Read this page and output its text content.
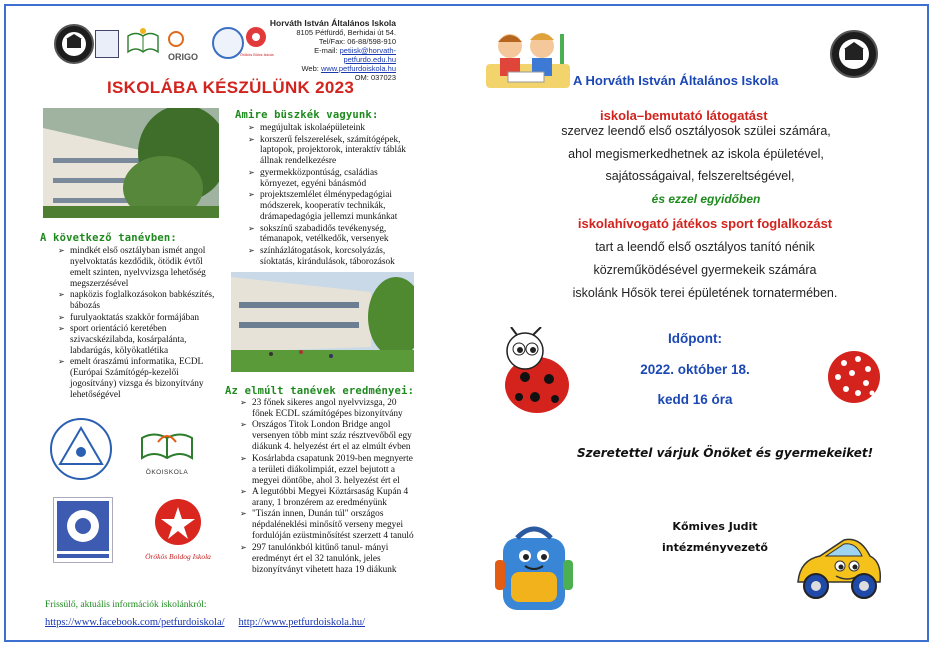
ORIGO	Örökös Bölcs Iskola
Horváth István Általános Iskola
8105 Pétfürdő, Berhidai út 54.
Tel/Fax: 06-88/598-910
E-mail: petiisk@horvath-petfurdo.edu.hu
Web: www.petfurdoiskola.hu
OM: 037023
ISKOLÁBA KÉSZÜLÜNK 2023
A következő tanévben:
➢ mindkét első osztályban ismét angol nyelvoktatás kezdődik, ötödik évtől emelt szinten, nyelvvizsga lehetőség megszerzésével
➢ napközis foglalkozásokon babkészítés, bábozás
➢ furulyaoktatás szakkör formájában
➢ sport orientáció keretében szivacskézilabda, kosárpalánta, labdarúgás, kölyökatlétika
➢ emelt óraszámú informatika, ECDL (Európai Számítógép-kezelői jogosítvány) vizsga és bizonyítvány lehetőségével
Amire büszkék vagyunk:
➢ megújultak iskolaépületeink
➢ korszerű felszerelések, számítógépek, laptopok, projektorok, interaktív táblák állnak rendelkezésre
➢ gyermekközpontúság, családias környezet, egyéni bánásmód
➢ projektszemlélet élménypedagógiai módszerek, kooperatív technikák, drámapedagógia jellemzi munkánkat
➢ sokszínű szabadidős tevékenység, témanapok, vetélkedők, versenyek
➢ színházlátogatások, korcsolyázás, síoktatás, kirándulások, táborozások
Az elmúlt tanévek eredményei:
➢ 23 főnek sikeres angol nyelvvizsga, 20 főnek ECDL számítógépes bizonyítvány
➢ Országos Titok London Bridge angol versenyen több mint száz résztvevőből egy diákunk 4. helyezést ért el az elmúlt évben
➢ Kosárlabda csapatunk 2019-ben megnyerte a területi diákolimpiát, ezzel bejutott a megyei döntőbe, ahol 3. helyezést ért el
➢ A legutóbbi Megyei Köztársaság Kupán 4 arany, 1 bronzérem az eredményünk
➢ "Tiszán innen, Dunán túl" országos népdaléneklési minősítő verseny megyei fordulóján ezüstminősítést szerzett 4 tanuló
➢ 297 tanulónkból kitűnő tanul- mányi eredményt ért el 32 tanulónk, jeles bizonyítványt vihetett haza 19 diákunk
ÖKOISKOLA
Örökös Boldog Iskola
Frissülő, aktuális információk iskolánkról:
https://www.facebook.com/petfurdoiskola/ http://www.petfurdoiskola.hu/
A Horváth István Általános Iskola
iskola–bemutató látogatást
szervez leendő első osztályosok szülei számára,
ahol megismerkedhetnek az iskola épületével,
sajátosságaival, felszereltségével,
és ezzel egyidőben
iskolahívogató játékos sport foglalkozást
tart a leendő első osztályos tanító nénik
közreműködésével gyermekeik számára
iskolánk Hősök terei épületének tornatermében.
Időpont:
2022. október 18.
kedd 16 óra
Szeretettel várjuk Önöket és gyermekeiket!
Kőmives Judit
intézményvezető
